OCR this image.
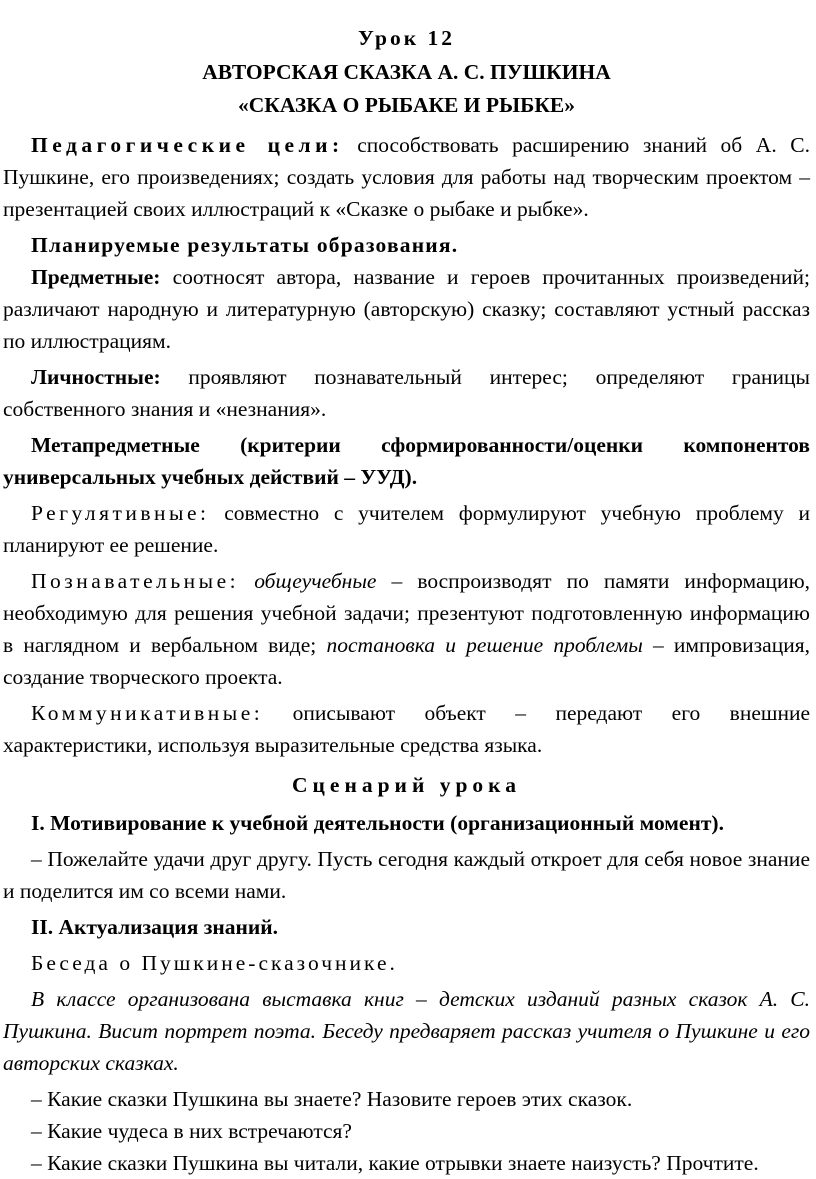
Урок 12
АВТОРСКАЯ СКАЗКА А. С. ПУШКИНА
«СКАЗКА О РЫБАКЕ И РЫБКЕ»

Педагогические цели: способствовать расширению знаний об А. С. Пушкине, его произведениях; создать условия для работы над творческим проектом – презентацией своих иллюстраций к «Сказке о рыбаке и рыбке».

Планируемые результаты образования.

Предметные: соотносят автора, название и героев прочитанных произведений; различают народную и литературную (авторскую) сказку; составляют устный рассказ по иллюстрациям.

Личностные: проявляют познавательный интерес; определяют границы собственного знания и «незнания».

Метапредметные (критерии сформированности/оценки компонентов универсальных учебных действий – УУД).

Регулятивные: совместно с учителем формулируют учебную проблему и планируют ее решение.

Познавательные: общеучебные – воспроизводят по памяти информацию, необходимую для решения учебной задачи; презентуют подготовленную информацию в наглядном и вербальном виде; постановка и решение проблемы – импровизация, создание творческого проекта.

Коммуникативные: описывают объект – передают его внешние характеристики, используя выразительные средства языка.

Сценарий урока

I. Мотивирование к учебной деятельности (организационный момент).

– Пожелайте удачи друг другу. Пусть сегодня каждый откроет для себя новое знание и поделится им со всеми нами.

II. Актуализация знаний.

Беседа о Пушкине-сказочнике.

В классе организована выставка книг – детских изданий разных сказок А. С. Пушкина. Висит портрет поэта. Беседу предваряет рассказ учителя о Пушкине и его авторских сказках.

– Какие сказки Пушкина вы знаете? Назовите героев этих сказок.

– Какие чудеса в них встречаются?

– Какие сказки Пушкина вы читали, какие отрывки знаете наизусть? Прочтите.
